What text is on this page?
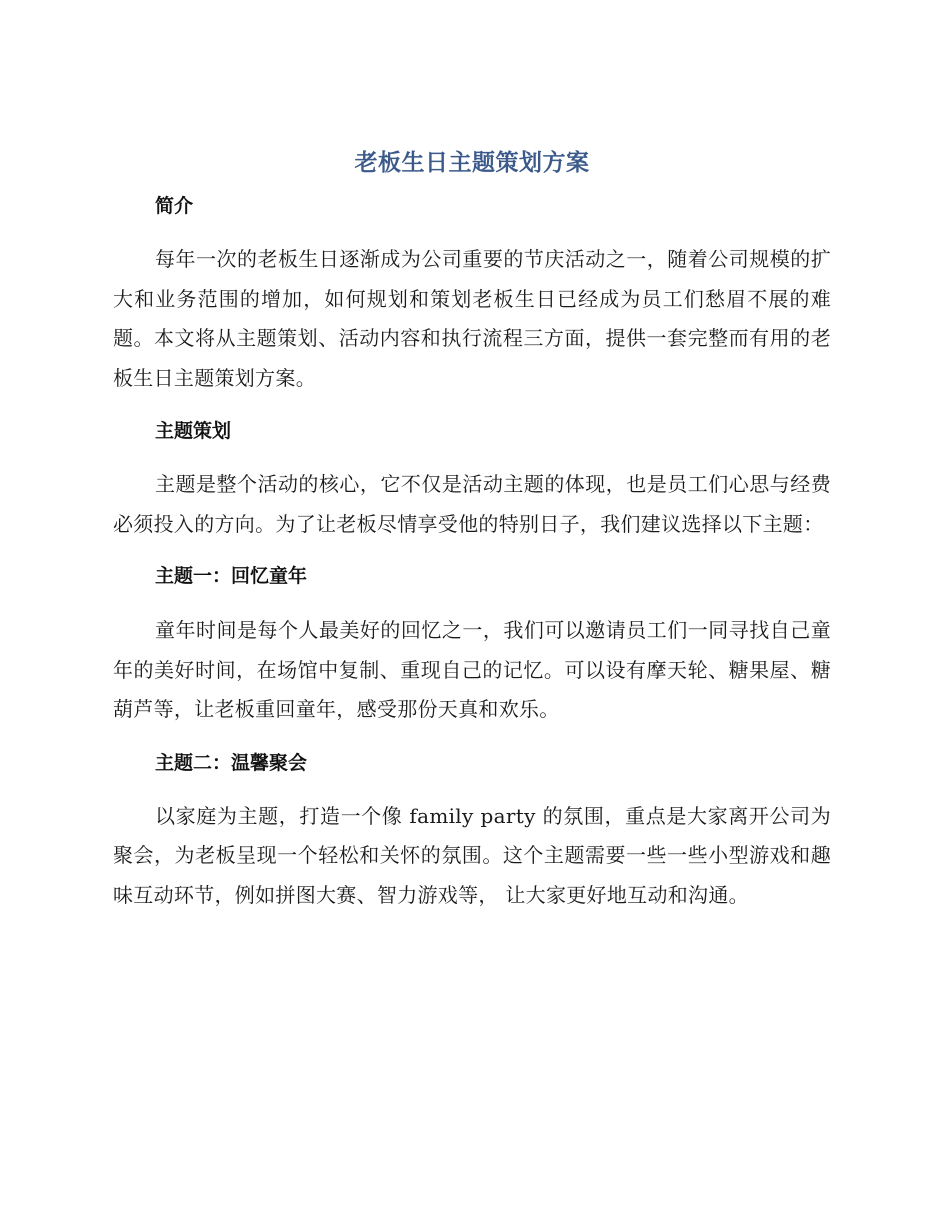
老板生日主题策划方案
简介

每年一次的老板生日逐渐成为公司重要的节庆活动之一，随着公司规模的扩大和业务范围的增加，如何规划和策划老板生日已经成为员工们愁眉不展的难题。本文将从主题策划、活动内容和执行流程三方面，提供一套完整而有用的老板生日主题策划方案。

主题策划

主题是整个活动的核心，它不仅是活动主题的体现，也是员工们心思与经费必须投入的方向。为了让老板尽情享受他的特别日子，我们建议选择以下主题：

主题一：回忆童年

童年时间是每个人最美好的回忆之一，我们可以邀请员工们一同寻找自己童年的美好时间，在场馆中复制、重现自己的记忆。可以设有摩天轮、糖果屋、糖葫芦等，让老板重回童年，感受那份天真和欢乐。

主题二：温馨聚会

以家庭为主题，打造一个像 family party 的氛围，重点是大家离开公司为聚会，为老板呈现一个轻松和关怀的氛围。这个主题需要一些一些小型游戏和趣味互动环节，例如拼图大赛、智力游戏等， 让大家更好地互动和沟通。
